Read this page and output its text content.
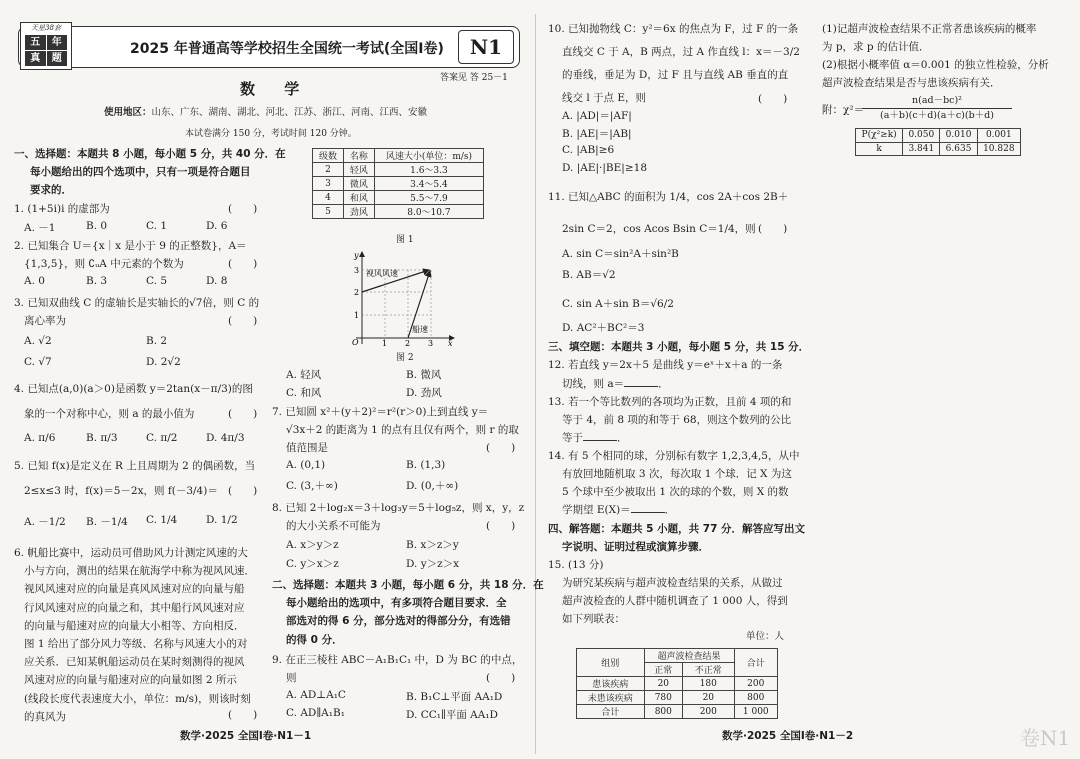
天星38套
五	年
真	题
2025 年普通高等学校招生全国统一考试(全国Ⅰ卷)	N1
答案见 答 25－1
数 学
使用地区：山东、广东、湖南、湖北、河北、江苏、浙江、河南、江西、安徽
本试卷满分 150 分，考试时间 120 分钟。
一、选择题：本题共 8 小题，每小题 5 分，共 40 分．在
每小题给出的四个选项中，只有一项是符合题目
要求的．
1. (1+5i)i 的虚部为	(　　)
A. －1	B. 0	C. 1	D. 6
2. 已知集合 U＝{x｜x 是小于 9 的正整数}，A＝
{1,3,5}，则 ∁ᵤA 中元素的个数为	(　　)
A. 0	B. 3	C. 5	D. 8
3. 已知双曲线 C 的虚轴长是实轴长的√7倍，则 C 的
离心率为	(　　)
A. √2	B. 2
C. √7	D. 2√2
4. 已知点(a,0)(a＞0)是函数 y＝2tan(x－π/3)的图
象的一个对称中心，则 a 的最小值为	(　　)
A. π/6	B. π/3	C. π/2	D. 4π/3
5. 已知 f(x)是定义在 R 上且周期为 2 的偶函数，当
2≤x≤3 时，f(x)＝5－2x，则 f(－3/4)＝ (　　)
A. －1/2 B. －1/4 C. 1/4	D. 1/2
6. 帆船比赛中，运动员可借助风力计测定风速的大
小与方向，测出的结果在航海学中称为视风风速．
视风风速对应的向量是真风风速对应的向量与船
行风风速对应的向量之和，其中船行风风速对应
的向量与船速对应的向量大小相等、方向相反．
图 1 给出了部分风力等级、名称与风速大小的对
应关系．已知某帆船运动员在某时刻测得的视风
风速对应的向量与船速对应的向量如图 2 所示
(线段长度代表速度大小，单位：m/s)，则该时刻
的真风为	(　　)
级数	名称	风速大小(单位：m/s)
2	轻风	1.6～3.3
3	微风	3.4～5.4
4	和风	5.5～7.9
5	劲风	8.0～10.7
图 1
视风风速
船速
O	x
y
1 2 3
1
2
3
图 2
A. 轻风	B. 微风
C. 和风	D. 劲风
7. 已知圆 x²＋(y＋2)²＝r²(r＞0)上到直线 y＝
√3x＋2 的距离为 1 的点有且仅有两个，则 r 的取
值范围是	(　　)
A. (0,1)	B. (1,3)
C. (3,＋∞)	D. (0,＋∞)
8. 已知 2＋log₂x＝3＋log₃y＝5＋log₅z，则 x，y，z
的大小关系不可能为	(　　)
A. x＞y＞z	B. x＞z＞y
C. y＞x＞z	D. y＞z＞x
二、选择题：本题共 3 小题，每小题 6 分，共 18 分．在
每小题给出的选项中，有多项符合题目要求．全
部选对的得 6 分，部分选对的得部分分，有选错
的得 0 分．
9. 在正三棱柱 ABC－A₁B₁C₁ 中，D 为 BC 的中点，
则	(　　)
A. AD⊥A₁C	B. B₁C⊥平面 AA₁D
C. AD∥A₁B₁	D. CC₁∥平面 AA₁D
数学·2025 全国Ⅰ卷·N1－1
10. 已知抛物线 C：y²＝6x 的焦点为 F，过 F 的一条
直线交 C 于 A，B 两点，过 A 作直线 l：x＝－3/2
的垂线，垂足为 D，过 F 且与直线 AB 垂直的直
线交 l 于点 E，则	(　　)
A. |AD|＝|AF|
B. |AE|＝|AB|
C. |AB|≥6
D. |AE|·|BE|≥18
11. 已知△ABC 的面积为 1/4，cos 2A＋cos 2B＋
2sin C＝2，cos Acos Bsin C＝1/4，则 (　　)
A. sin C＝sin²A＋sin²B
B. AB＝√2
C. sin A＋sin B＝√6/2
D. AC²＋BC²＝3
三、填空题：本题共 3 小题，每小题 5 分，共 15 分．
12. 若直线 y＝2x＋5 是曲线 y＝eˣ＋x＋a 的一条
切线，则 a＝	．
13. 若一个等比数列的各项均为正数，且前 4 项的和
等于 4，前 8 项的和等于 68，则这个数列的公比
等于	．
14. 有 5 个相同的球，分别标有数字 1,2,3,4,5，从中
有放回地随机取 3 次，每次取 1 个球．记 X 为这
5 个球中至少被取出 1 次的球的个数，则 X 的数
学期望 E(X)＝	．
四、解答题：本题共 5 小题，共 77 分．解答应写出文
字说明、证明过程或演算步骤．
15. (13 分)
为研究某疾病与超声波检查结果的关系，从做过
超声波检查的人群中随机调查了 1 000 人，得到
如下列联表：
单位：人
组别	超声波检查结果		合计
	正常	不正常	
患该疾病	20	180	200
未患该疾病	780	20	800
合计	800	200	1 000
数学·2025 全国Ⅰ卷·N1－2
(1)记超声波检查结果不正常者患该疾病的概率
为 p，求 p 的估计值．
(2)根据小概率值 α＝0.001 的独立性检验，分析
超声波检查结果是否与患该疾病有关．
附：χ²＝
n(ad－bc)²
(a＋b)(c＋d)(a＋c)(b＋d)
P(χ²≥k)	0.050	0.010	0.001
k	3.841	6.635	10.828
卷N1
